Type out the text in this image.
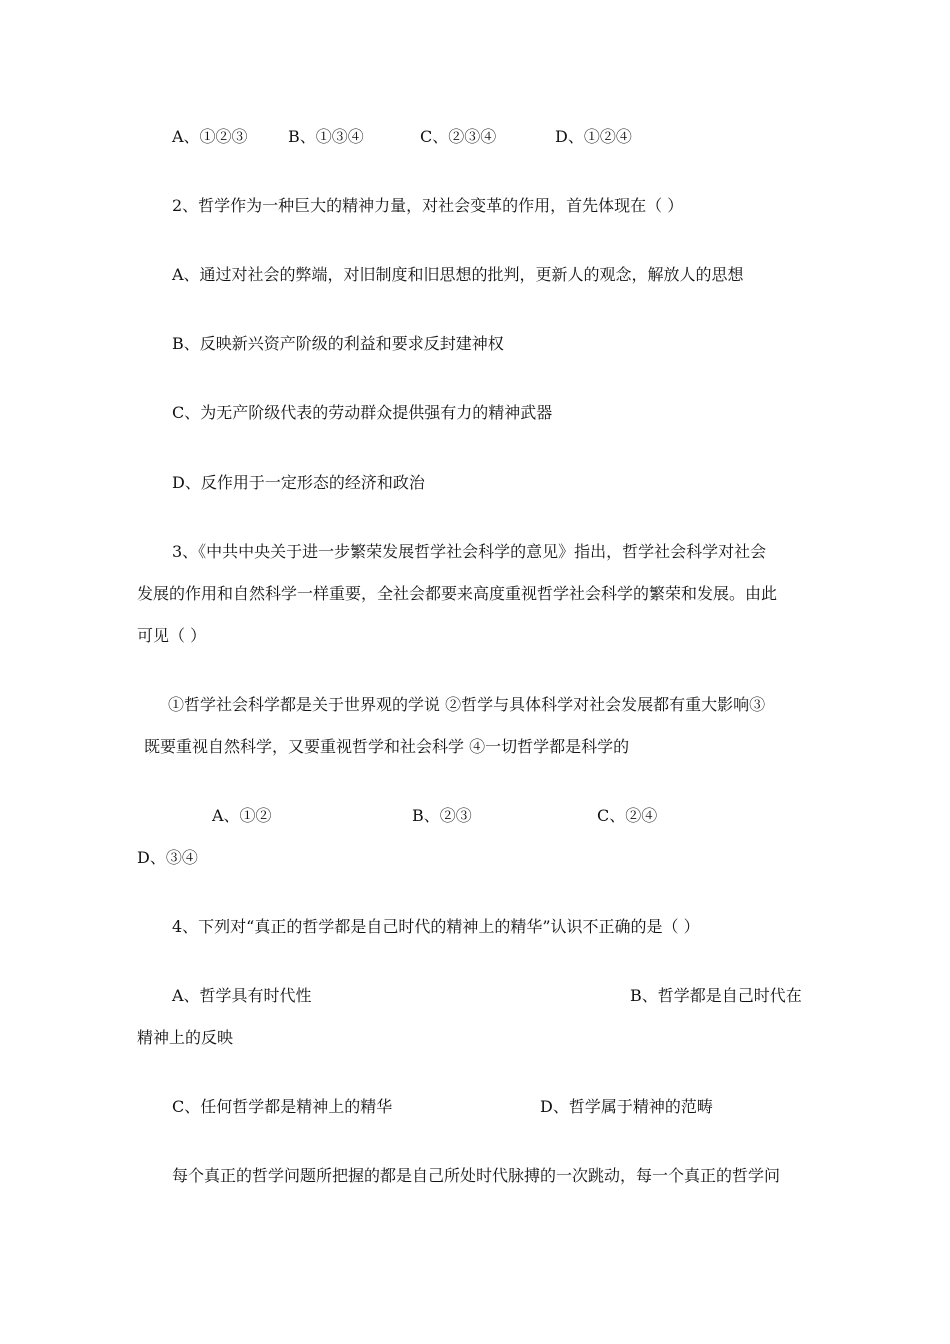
A、①②③	B、①③④	C、②③④	D、①②④
2、哲学作为一种巨大的精神力量，对社会变革的作用，首先体现在（ ）
A、通过对社会的弊端，对旧制度和旧思想的批判，更新人的观念，解放人的思想
B、反映新兴资产阶级的利益和要求反封建神权
C、为无产阶级代表的劳动群众提供强有力的精神武器
D、反作用于一定形态的经济和政治
3、《中共中央关于进一步繁荣发展哲学社会科学的意见》指出，哲学社会科学对社会
发展的作用和自然科学一样重要，全社会都要来高度重视哲学社会科学的繁荣和发展。由此
可见（ ）
①哲学社会科学都是关于世界观的学说 ②哲学与具体科学对社会发展都有重大影响③
既要重视自然科学，又要重视哲学和社会科学 ④一切哲学都是科学的
A、①②	B、②③	C、②④
D、③④
4、下列对“真正的哲学都是自己时代的精神上的精华”认识不正确的是（ ）
A、哲学具有时代性	B、哲学都是自己时代在
精神上的反映
C、任何哲学都是精神上的精华	D、哲学属于精神的范畴
每个真正的哲学问题所把握的都是自己所处时代脉搏的一次跳动，每一个真正的哲学问
